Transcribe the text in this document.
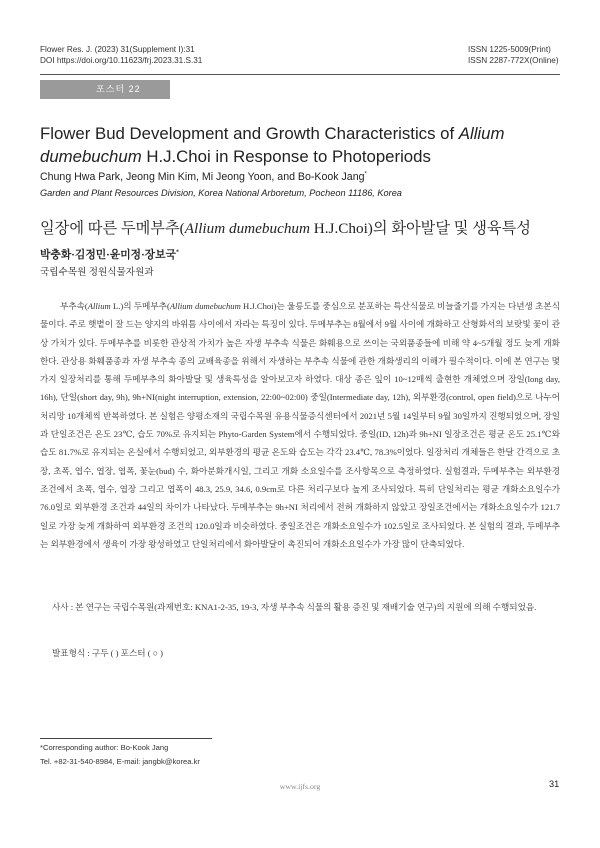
Flower Res. J. (2023) 31(Supplement I):31
DOI https://doi.org/10.11623/frj.2023.31.S.31
ISSN 1225-5009(Print)
ISSN 2287-772X(Online)
포스터 22
Flower Bud Development and Growth Characteristics of Allium
dumebuchum H.J.Choi in Response to Photoperiods
Chung Hwa Park, Jeong Min Kim, Mi Jeong Yoon, and Bo-Kook Jang*
Garden and Plant Resources Division, Korea National Arboretum, Pocheon 11186, Korea
일장에 따른 두메부추(Allium dumebuchum H.J.Choi)의 화아발달 및 생육특성
박충화·김정민·윤미정·장보국*
국립수목원 정원식물자원과

부추속(Allium L.)의 두메부추(Allium dumebuchum H.J.Choi)는 울릉도를 중심으로 분포하는 특산식물로 비늘줄기를 가지는 다년생 초본식물이다. 주로 햇볕이 잘 드는 양지의 바위틈 사이에서 자라는 특징이 있다. 두메부추는 8월에서 9월 사이에 개화하고 산형화서의 보랏빛 꽃이 관상 가치가 있다. 두메부추를 비롯한 관상적 가치가 높은 자생 부추속 식물은 화훼용으로 쓰이는 국외품종들에 비해 약 4~5개월 정도 늦게 개화한다. 관상용 화훼품종과 자생 부추속 종의 교배육종을 위해서 자생하는 부추속 식물에 관한 개화생리의 이해가 필수적이다. 이에 본 연구는 몇 가지 일장처리를 통해 두메부추의 화아발달 및 생육특성을 알아보고자 하였다. 대상 종은 잎이 10~12매씩 출현한 개체였으며 장일(long day, 16h), 단일(short day, 9h), 9h+NI(night interruption, extension, 22:00~02:00) 중일(Intermediate day, 12h), 외부환경(control, open field)으로 나누어 처리망 10개체씩 반복하였다. 본 실험은 양평소재의 국립수목원 유용식물증식센터에서 2021년 5월 14일부터 9월 30일까지 진행되었으며, 장일과 단일조건은 온도 23℃, 습도 70%로 유지되는 Phyto-Garden System에서 수행되었다. 중일(ID, 12h)과 9h+NI 일장조건은 평균 온도 25.1℃와 습도 81.7%로 유지되는 온실에서 수행되었고, 외부환경의 평균 온도와 습도는 각각 23.4℃, 78.3%이었다. 일장처리 개체들은 한달 간격으로 초장, 초폭, 엽수, 엽장, 엽폭, 꽃눈(bud) 수, 화아분화개시일, 그리고 개화 소요일수를 조사항목으로 측정하였다. 실험결과, 두메부추는 외부환경 조건에서 초폭, 엽수, 엽장 그리고 엽폭이 48.3, 25.9, 34.6, 0.9cm로 다른 처리구보다 높게 조사되었다. 특히 단일처리는 평균 개화소요일수가 76.0일로 외부환경 조건과 44일의 차이가 나타났다. 두메부추는 9h+NI 처리에서 전혀 개화하지 않았고 장일조건에서는 개화소요일수가 121.7일로 가장 늦게 개화하여 외부환경 조건의 120.0일과 비슷하였다. 중일조건은 개화소요일수가 102.5일로 조사되었다. 본 실험의 결과, 두메부추는 외부환경에서 생육이 가장 왕성하였고 단일처리에서 화아발달이 촉진되어 개화소요일수가 가장 많이 단축되었다.

사사 : 본 연구는 국립수목원(과제번호: KNA1-2-35, 19-3, 자생 부추속 식물의 활용 증진 및 재배기술 연구)의 지원에 의해 수행되었음.

발표형식 : 구두 ( ) 포스터 ( ○ )
*Corresponding author: Bo-Kook Jang
Tel. +82-31-540-8984, E-mail: jangbk@korea.kr
www.ijfs.org	31
